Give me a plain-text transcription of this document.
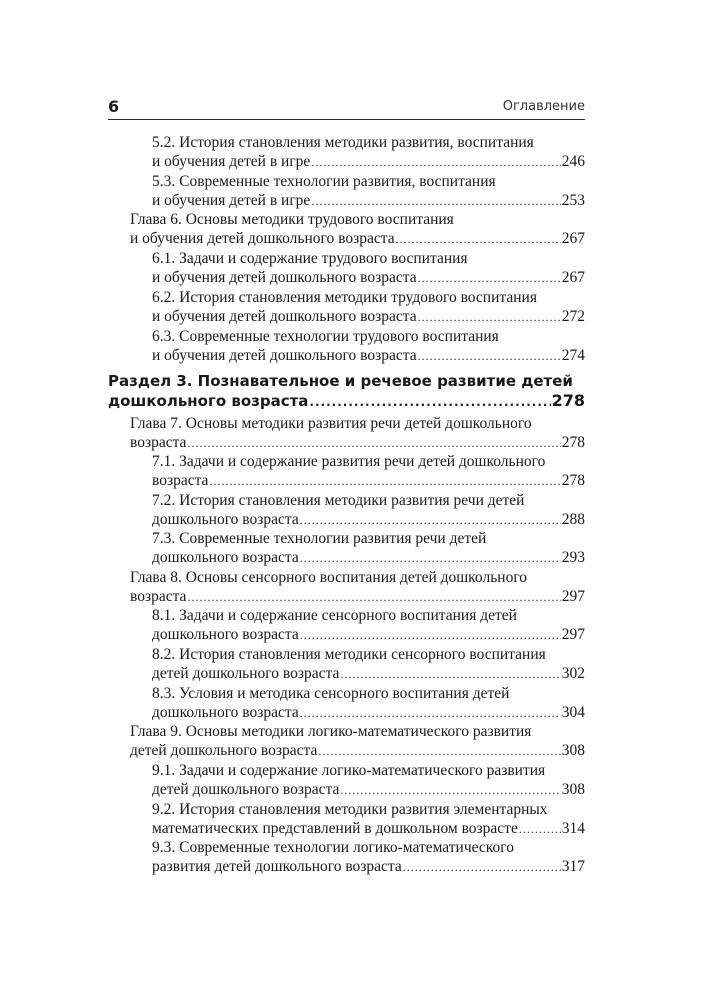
6	Оглавление
5.2. История становления методики развития, воспитания
и обучения детей в игре .....	246
5.3. Современные технологии развития, воспитания
и обучения детей в игре .....	253
Глава 6. Основы методики трудового воспитания
и обучения детей дошкольного возраста .....	267
6.1. Задачи и содержание трудового воспитания
и обучения детей дошкольного возраста .....	267
6.2. История становления методики трудового воспитания
и обучения детей дошкольного возраста .....	272
6.3. Современные технологии трудового воспитания
и обучения детей дошкольного возраста .....	274
Раздел 3. Познавательное и речевое развитие детей
дошкольного возраста .....	278
Глава 7. Основы методики развития речи детей дошкольного
возраста .....	278
7.1. Задачи и содержание развития речи детей дошкольного
возраста .....	278
7.2. История становления методики развития речи детей
дошкольного возраста .....	288
7.3. Современные технологии развития речи детей
дошкольного возраста .....	293
Глава 8. Основы сенсорного воспитания детей дошкольного
возраста .....	297
8.1. Задачи и содержание сенсорного воспитания детей
дошкольного возраста .....	297
8.2. История становления методики сенсорного воспитания
детей дошкольного возраста .....	302
8.3. Условия и методика сенсорного воспитания детей
дошкольного возраста .....	304
Глава 9. Основы методики логико-математического развития
детей дошкольного возраста .....	308
9.1. Задачи и содержание логико-математического развития
детей дошкольного возраста .....	308
9.2. История становления методики развития элементарных
математических представлений в дошкольном возрасте .....	314
9.3. Современные технологии логико-математического
развития детей дошкольного возраста .....	317
